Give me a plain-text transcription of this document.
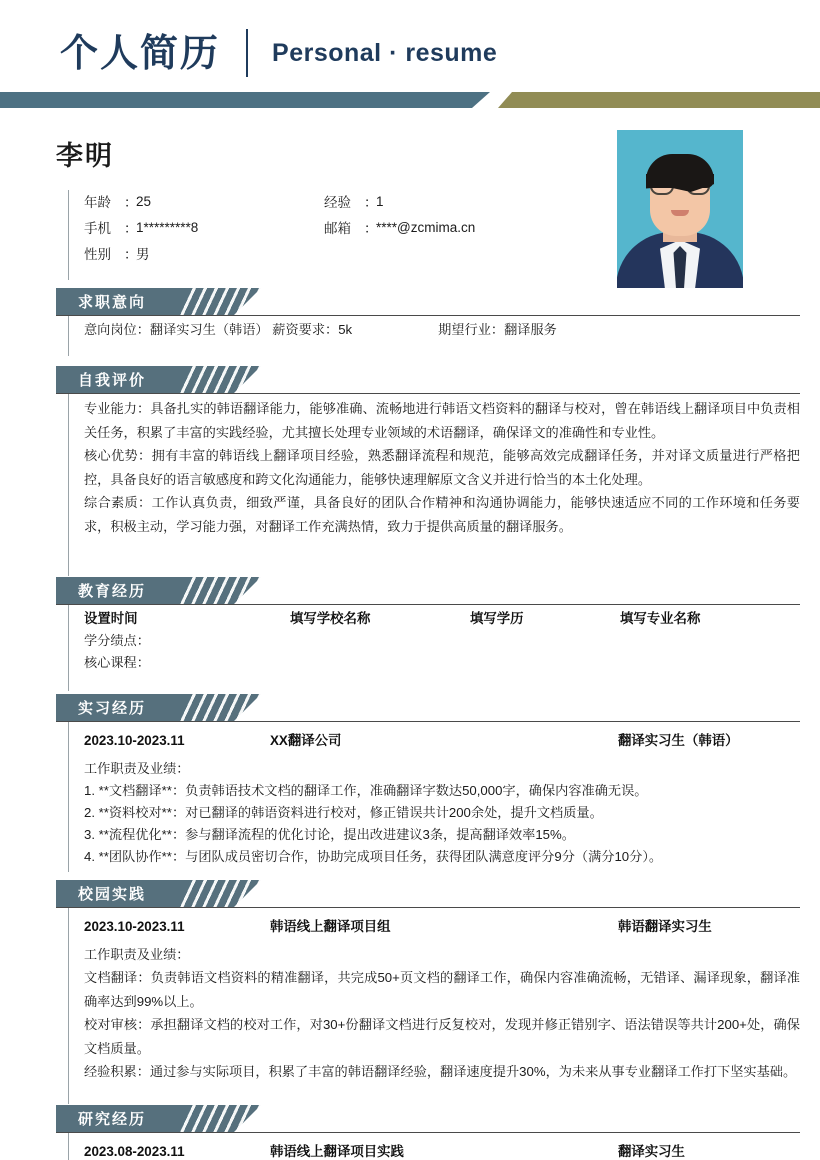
个人简历 Personal · resume
李明
年龄 ：
25
手机 ：
1*********8
性别 ：
男
经验 ：
1
邮箱 ：
****@zcmima.cn
求职意向
意向岗位：翻译实习生（韩语） 薪资要求：5k	期望行业：翻译服务
自我评价
专业能力：具备扎实的韩语翻译能力，能够准确、流畅地进行韩语文档资料的翻译与校对，曾在韩语线上翻译项目中负责相关任务，积累了丰富的实践经验，尤其擅长处理专业领域的术语翻译，确保译文的准确性和专业性。
核心优势：拥有丰富的韩语线上翻译项目经验，熟悉翻译流程和规范，能够高效完成翻译任务，并对译文质量进行严格把控，具备良好的语言敏感度和跨文化沟通能力，能够快速理解原文含义并进行恰当的本土化处理。
综合素质：工作认真负责，细致严谨，具备良好的团队合作精神和沟通协调能力，能够快速适应不同的工作环境和任务要求，积极主动，学习能力强，对翻译工作充满热情，致力于提供高质量的翻译服务。
教育经历
设置时间	填写学校名称	填写学历	填写专业名称
学分绩点：
核心课程：
实习经历
2023.10-2023.11	XX翻译公司	翻译实习生（韩语）
工作职责及业绩：
1. **文档翻译**：负责韩语技术文档的翻译工作，准确翻译字数达50,000字，确保内容准确无误。
2. **资料校对**：对已翻译的韩语资料进行校对，修正错误共计200余处，提升文档质量。
3. **流程优化**：参与翻译流程的优化讨论，提出改进建议3条，提高翻译效率15%。
4. **团队协作**：与团队成员密切合作，协助完成项目任务，获得团队满意度评分9分（满分10分）。
校园实践
2023.10-2023.11	韩语线上翻译项目组	韩语翻译实习生
工作职责及业绩：
文档翻译：负责韩语文档资料的精准翻译，共完成50+页文档的翻译工作，确保内容准确流畅，无错译、漏译现象，翻译准确率达到99%以上。
校对审核：承担翻译文档的校对工作，对30+份翻译文档进行反复校对，发现并修正错别字、语法错误等共计200+处，确保文档质量。
经验积累：通过参与实际项目，积累了丰富的韩语翻译经验，翻译速度提升30%，为未来从事专业翻译工作打下坚实基础。
研究经历
2023.08-2023.11	韩语线上翻译项目实践	翻译实习生
